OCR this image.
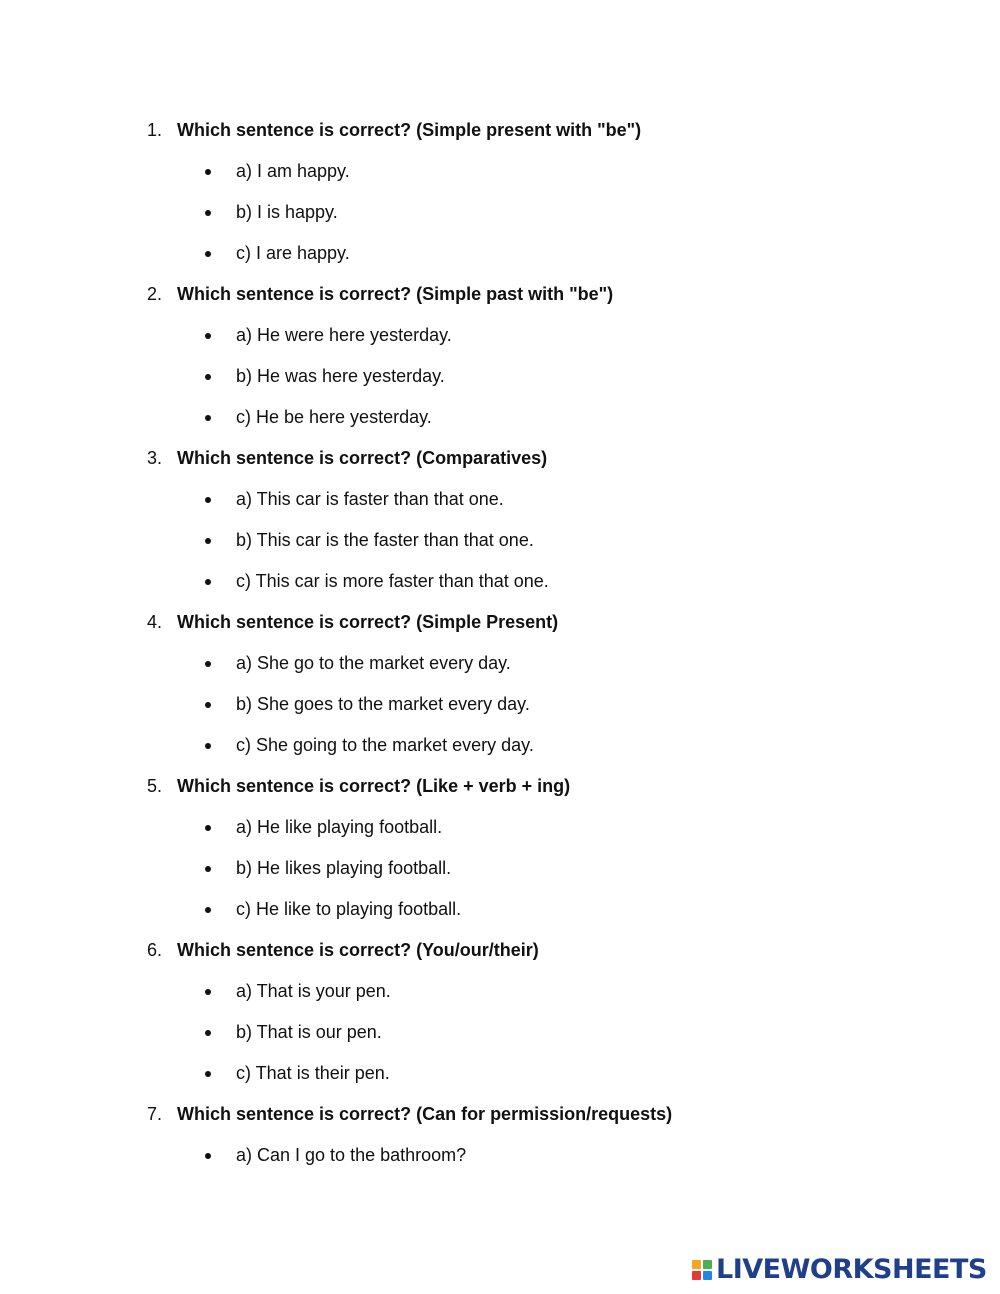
1. Which sentence is correct? (Simple present with "be")
a) I am happy.
b) I is happy.
c) I are happy.
2. Which sentence is correct? (Simple past with "be")
a) He were here yesterday.
b) He was here yesterday.
c) He be here yesterday.
3. Which sentence is correct? (Comparatives)
a) This car is faster than that one.
b) This car is the faster than that one.
c) This car is more faster than that one.
4. Which sentence is correct? (Simple Present)
a) She go to the market every day.
b) She goes to the market every day.
c) She going to the market every day.
5. Which sentence is correct? (Like + verb + ing)
a) He like playing football.
b) He likes playing football.
c) He like to playing football.
6. Which sentence is correct? (You/our/their)
a) That is your pen.
b) That is our pen.
c) That is their pen.
7. Which sentence is correct? (Can for permission/requests)
a) Can I go to the bathroom?
LIVEWORKSHEETS
